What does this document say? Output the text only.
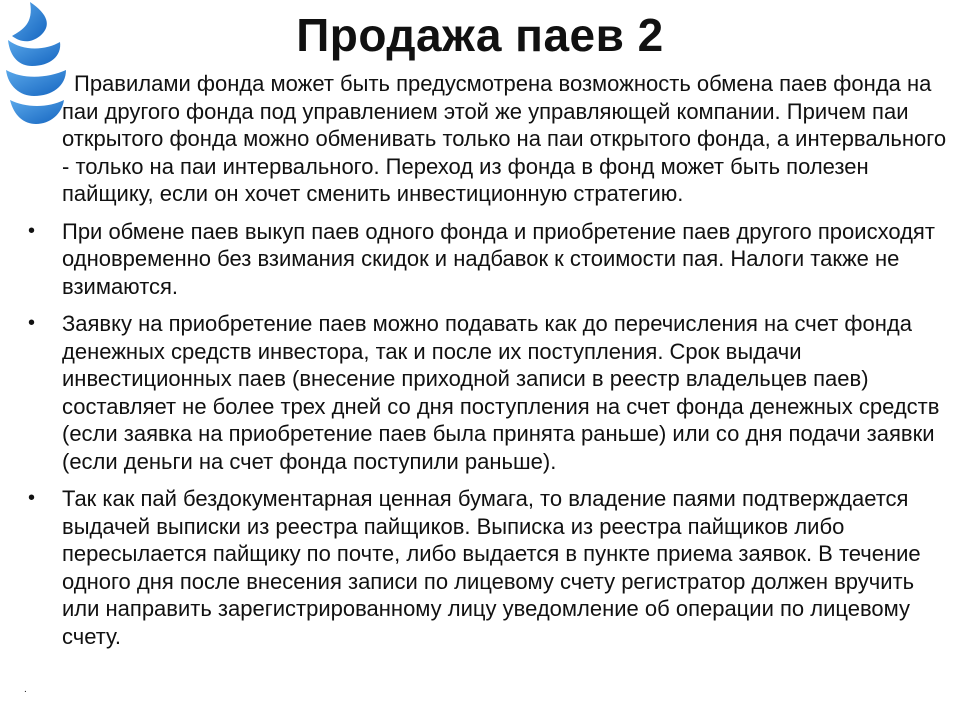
Продажа паев 2
Правилами фонда может быть предусмотрена возможность обмена паев фонда на паи другого фонда под управлением этой же управляющей компании. Причем паи открытого фонда можно обменивать только на паи открытого фонда, а интервального - только на паи интервального. Переход из фонда в фонд может быть полезен пайщику, если он хочет сменить инвестиционную стратегию.
•	При обмене паев выкуп паев одного фонда и приобретение паев другого происходят одновременно без взимания скидок и надбавок к стоимости пая. Налоги также не взимаются.
•	Заявку на приобретение паев можно подавать как до перечисления на счет фонда денежных средств инвестора, так и после их поступления. Срок выдачи инвестиционных паев (внесение приходной записи в реестр владельцев паев) составляет не более трех дней со дня поступления на счет фонда денежных средств (если заявка на приобретение паев была принята раньше) или со дня подачи заявки (если деньги на счет фонда поступили раньше).
•	Так как пай бездокументарная ценная бумага, то владение паями подтверждается выдачей выписки из реестра пайщиков. Выписка из реестра пайщиков либо пересылается пайщику по почте, либо выдается в пункте приема заявок. В течение одного дня после внесения записи по лицевому счету регистратор должен вручить или направить зарегистрированному лицу уведомление об операции по лицевому счету.
.
